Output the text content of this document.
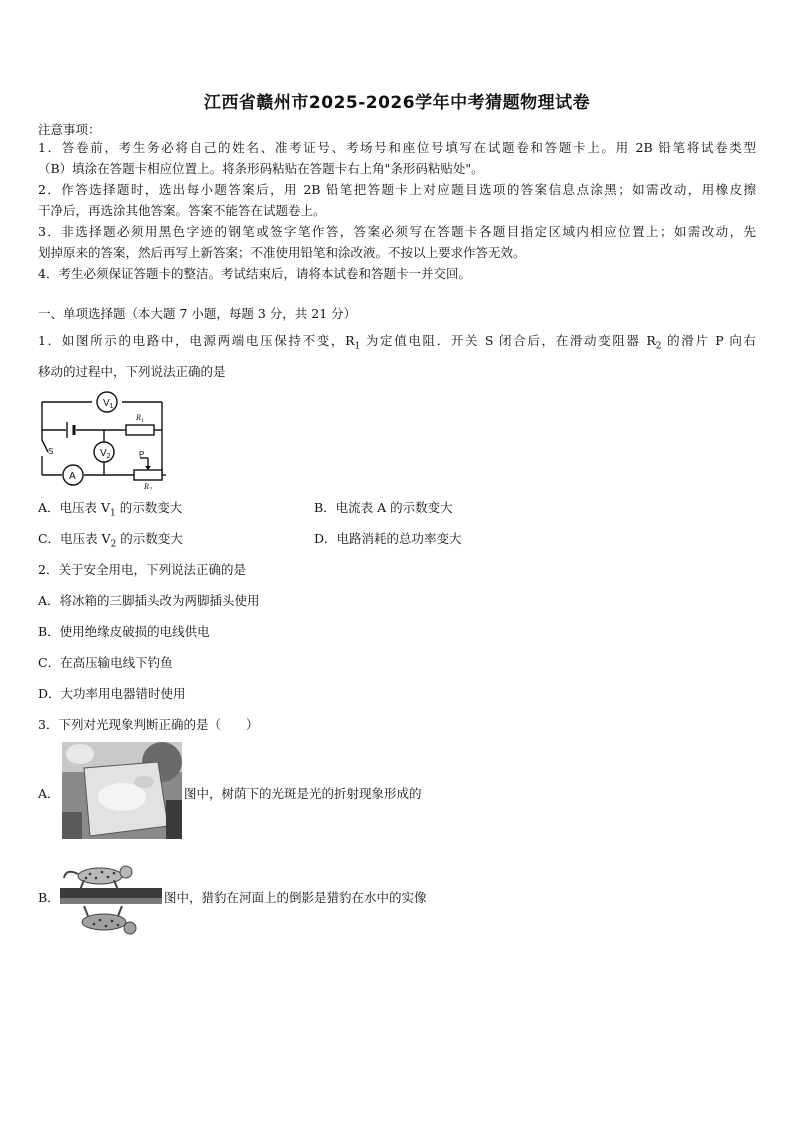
江西省赣州市2025-2026学年中考猜题物理试卷
注意事项：
1．答卷前，考生务必将自己的姓名、准考证号、考场号和座位号填写在试题卷和答题卡上。用 2B 铅笔将试卷类型
（B）填涂在答题卡相应位置上。将条形码粘贴在答题卡右上角"条形码粘贴处"。
2．作答选择题时，选出每小题答案后，用 2B 铅笔把答题卡上对应题目选项的答案信息点涂黑；如需改动，用橡皮擦
干净后，再选涂其他答案。答案不能答在试题卷上。
3．非选择题必须用黑色字迹的钢笔或签字笔作答，答案必须写在答题卡各题目指定区域内相应位置上；如需改动，先
划掉原来的答案，然后再写上新答案；不准使用铅笔和涂改液。不按以上要求作答无效。
4．考生必须保证答题卡的整洁。考试结束后，请将本试卷和答题卡一并交回。
一、单项选择题（本大题 7 小题，每题 3 分，共 21 分）
1．如图所示的电路中，电源两端电压保持不变，$R_1$ 为定值电阻．开关 S 闭合后，在滑动变阻器 $R_2$ 的滑片 P 向右
移动的过程中，下列说法正确的是
$V_1$
$R_1$
$V_2$
A
S	P
$R_2$
A．电压表 $V_1$ 的示数变大	B．电流表 A 的示数变大
C．电压表 $V_2$ 的示数变大	D．电路消耗的总功率变大
2．关于安全用电，下列说法正确的是
A．将冰箱的三脚插头改为两脚插头使用
B．使用绝缘皮破损的电线供电
C．在高压输电线下钓鱼
D．大功率用电器错时使用
3．下列对光现象判断正确的是（　　）
A．	图中，树荫下的光斑是光的折射现象形成的
B．	图中，猎豹在河面上的倒影是猎豹在水中的实像
